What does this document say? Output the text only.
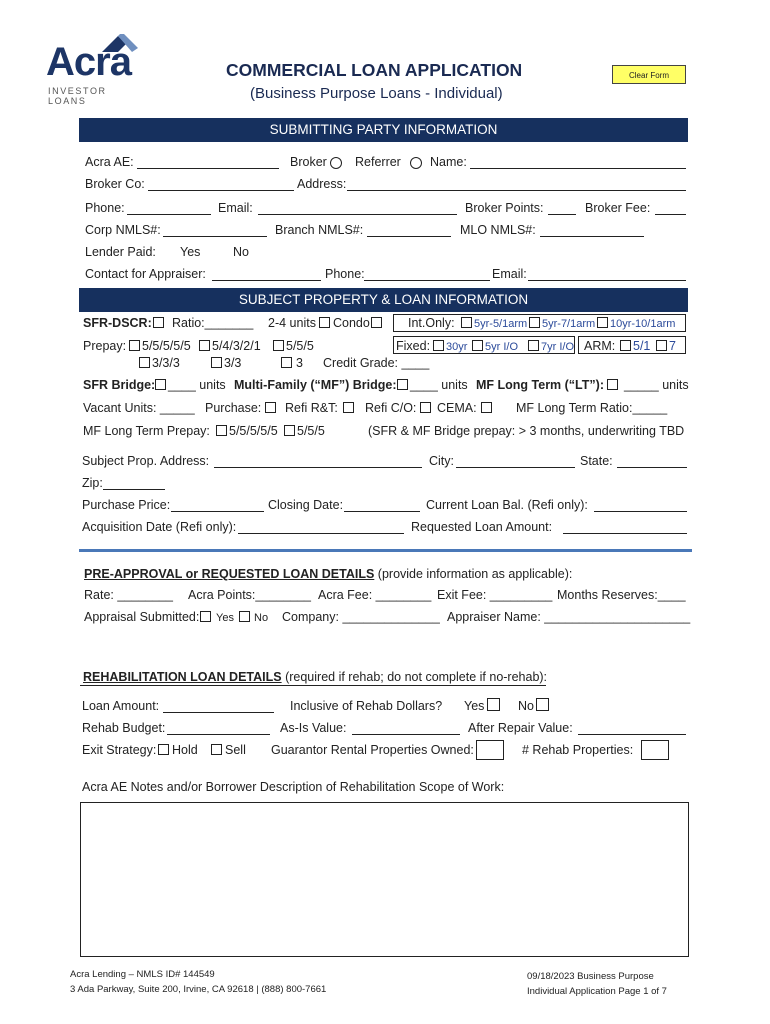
Acra
INVESTOR LOANS
COMMERCIAL LOAN APPLICATION
(Business Purpose Loans - Individual)
Clear Form
SUBMITTING PARTY INFORMATION
Acra AE:	Broker Referrer Name:
Broker Co:	Address:
Phone:	Email:	Broker Points:	Broker Fee:
Corp NMLS#:	Branch NMLS#:	MLO NMLS#:
Lender Paid: Yes	No
Contact for Appraiser:	Phone:	Email:
SUBJECT PROPERTY & LOAN INFORMATION
SFR-DSCR: Ratio:_______ 2-4 units Condo	Int.Only: 5yr-5/1arm 5yr-7/1arm 10yr-10/1arm
Prepay: 5/5/5/5/5 5/4/3/2/1 5/5/5	Fixed: 30yr 5yr I/O 7yr I/O ARM: 5/1 7
3/3/3	3/3	3 Credit Grade: ____
SFR Bridge: ____ units Multi-Family (“MF”) Bridge: ____ units MF Long Term (“LT”): _____ units
Vacant Units: _____ Purchase: Refi R&T: Refi C/O: CEMA:	MF Long Term Ratio:_____
MF Long Term Prepay: 5/5/5/5/5 5/5/5	(SFR & MF Bridge prepay: > 3 months, underwriting TBD
Subject Prop. Address:	City:	State:
Zip:
Purchase Price:	Closing Date:	Current Loan Bal. (Refi only):
Acquisition Date (Refi only):	Requested Loan Amount:
PRE-APPROVAL or REQUESTED LOAN DETAILS (provide information as applicable):
Rate: ________ Acra Points:________ Acra Fee: ________ Exit Fee: _________ Months Reserves:____
Appraisal Submitted: Yes No Company: ______________ Appraiser Name: _____________________
REHABILITATION LOAN DETAILS (required if rehab; do not complete if no-rehab):
Loan Amount:	Inclusive of Rehab Dollars? Yes	No
Rehab Budget:	As-Is Value:	After Repair Value:
Exit Strategy: Hold Sell Guarantor Rental Properties Owned:	# Rehab Properties:
Acra AE Notes and/or Borrower Description of Rehabilitation Scope of Work:
Acra Lending – NMLS ID# 144549
3 Ada Parkway, Suite 200, Irvine, CA 92618 | (888) 800-7661
09/18/2023 Business Purpose
Individual Application Page 1 of 7
